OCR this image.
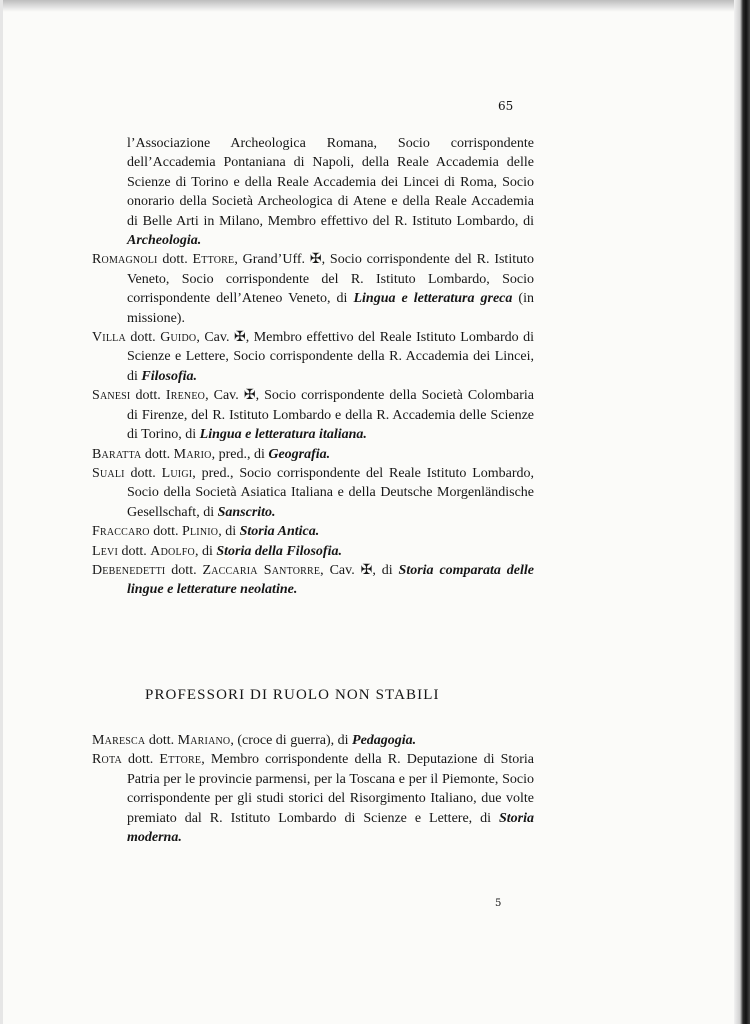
65

l’Associazione Archeologica Romana, Socio corrispondente dell’Accademia Pontaniana di Napoli, della Reale Accademia delle Scienze di Torino e della Reale Accademia dei Lincei di Roma, Socio onorario della Società Archeologica di Atene e della Reale Accademia di Belle Arti in Milano, Membro effettivo del R. Istituto Lombardo, di Archeologia.

Romagnoli dott. Ettore, Grand’Uff. ✠, Socio corrispondente del R. Istituto Veneto, Socio corrispondente del R. Istituto Lombardo, Socio corrispondente dell’Ateneo Veneto, di Lingua e letteratura greca (in missione).

Villa dott. Guido, Cav. ✠, Membro effettivo del Reale Istituto Lombardo di Scienze e Lettere, Socio corrispondente della R. Accademia dei Lincei, di Filosofia.

Sanesi dott. Ireneo, Cav. ✠, Socio corrispondente della Società Colombaria di Firenze, del R. Istituto Lombardo e della R. Accademia delle Scienze di Torino, di Lingua e letteratura italiana.

Baratta dott. Mario, pred., di Geografia.

Suali dott. Luigi, pred., Socio corrispondente del Reale Istituto Lombardo, Socio della Società Asiatica Italiana e della Deutsche Morgenländische Gesellschaft, di Sanscrito.

Fraccaro dott. Plinio, di Storia Antica.

Levi dott. Adolfo, di Storia della Filosofia.

Debenedetti dott. Zaccaria Santorre, Cav. ✠, di Storia comparata delle lingue e letterature neolatine.

PROFESSORI DI RUOLO NON STABILI

Maresca dott. Mariano, (croce di guerra), di Pedagogia.

Rota dott. Ettore, Membro corrispondente della R. Deputazione di Storia Patria per le provincie parmensi, per la Toscana e per il Piemonte, Socio corrispondente per gli studi storici del Risorgimento Italiano, due volte premiato dal R. Istituto Lombardo di Scienze e Lettere, di Storia moderna.

5
